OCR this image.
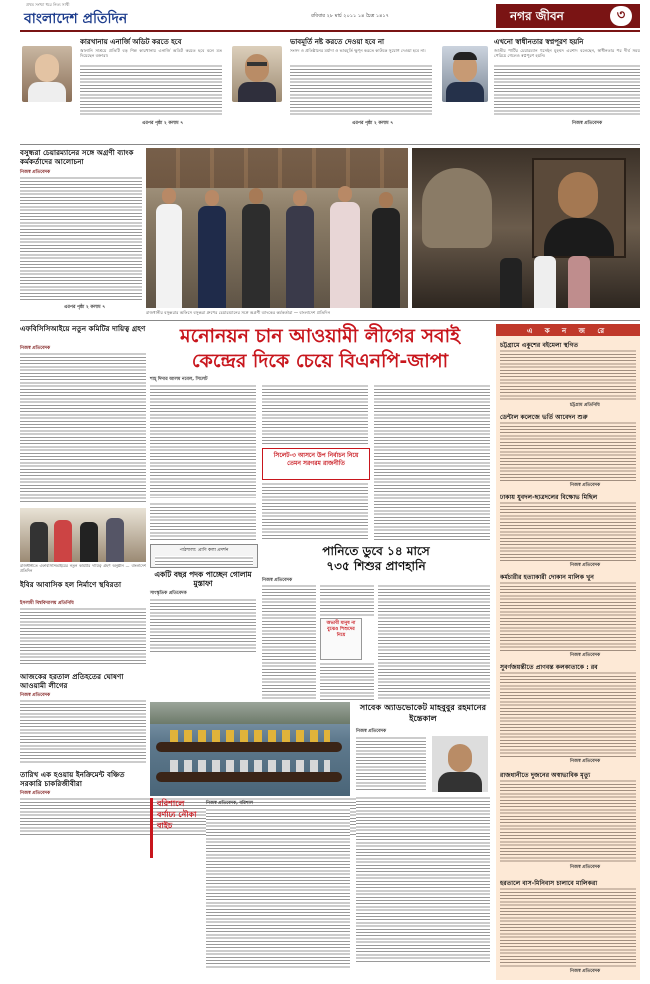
প্রথম সংখ্যা ধরে নিত্য সাথী
বাংলাদেশ প্রতিদিন	রবিবার ২৮ মার্চ ২০১১ ১৪ চৈত্র ১৪১৭	নগর জীবন	৩
কারখানায় এনার্জি অডিট করতে হবে
জ্বালানি সাশ্রয়ে প্রতিটি বড় শিল্প কারখানায় এনার্জি অডিট করতে হবে বলে মত দিয়েছেন বক্তারা।
এরপর পৃষ্ঠা ২ কলাম ৭
ভাবমূর্তি নষ্ট করতে দেওয়া হবে না
সংসদ ও প্রতিষ্ঠানের মর্যাদা ও ভাবমূর্তি ক্ষুণ্ন করতে কাউকে সুযোগ দেওয়া হবে না।
এরপর পৃষ্ঠা ২ কলাম ৭
এখনো স্বাধীনতার স্বপ্নপূরণ হয়নি
জাতীয় পার্টির চেয়ারম্যান হুসেইন মুহম্মদ এরশাদ বলেছেন, স্বাধীনতার পর দীর্ঘ সময় পেরিয়ে গেলেও স্বপ্নপূরণ হয়নি।
নিজস্ব প্রতিবেদক
বসুন্ধরা চেয়ারম্যানের সঙ্গে অগ্রণী ব্যাংক কর্মকর্তাদের আলোচনা
নিজস্ব প্রতিবেদক
এরপর পৃষ্ঠা ২ কলাম ৭
রাজধানীর বসুন্ধরার অফিসে বসুন্ধরা গ্রুপের চেয়ারম্যানের সঙ্গে অগ্রণী ব্যাংকের কর্মকর্তারা — বাংলাদেশ প্রতিদিন
এফবিসিসিআইয়ে নতুন কমিটির দায়িত্ব গ্রহণ
নিজস্ব প্রতিবেদক
রাজধানীতে এফবিসিসিআইয়ের নতুন কমিটির দায়িত্ব গ্রহণ অনুষ্ঠান — বাংলাদেশ প্রতিদিন
মনোনয়ন চান আওয়ামী লীগের সবাই
কেন্দ্রের দিকে চেয়ে বিএনপি-জাপা
শাহ্ দিদার আলম নবেল, সিলেট
সিলেট-৩ আসনে উপ নির্বাচন নিয়ে তেমন সরগরম রাজনীতি
এ ক ন জ রে
চট্টগ্রামে একুশের বইমেলা স্থগিত
চট্টগ্রাম প্রতিনিধি
ডেন্টাল কলেজে ভর্তি আবেদন শুরু
নিজস্ব প্রতিবেদক
ঢাকায় যুবদল-ছাত্রদলের বিক্ষোভ মিছিল
নিজস্ব প্রতিবেদক
কর্মচারীর হত্যাকারী দোকান মালিক খুন
নিজস্ব প্রতিবেদক
সুবর্ণজয়ন্তীতে প্রাণবন্ত কলকাতাকে : রব
নিজস্ব প্রতিবেদক
রাজধানীতে দুজনের অস্বাভাবিক মৃত্যু
নিজস্ব প্রতিবেদক
হরতালে বাস-মিনিবাস চালাবে মালিকরা
নিজস্ব প্রতিবেদক
পাঠশালা: প্রাণি কলা প্রদর্শন
একটি বছর পদক পাচ্ছেন গোলাম মুস্তাফা
সাংস্কৃতিক প্রতিবেদক
পানিতে ডুবে ১৪ মাসে
৭৩৫ শিশুর প্রাণহানি
নিজস্ব প্রতিবেদক
অভাবী মানুষ না বুঝেও শিশুদের নিয়ে
ইবির আবাসিক হল নির্মাণে স্থবিরতা
ইসলামী বিশ্ববিদ্যালয় প্রতিনিধি
আজকের হরতাল প্রতিহতের ঘোষণা আওয়ামী লীগের
নিজস্ব প্রতিবেদক
তারিখ এক হওয়ায় ইনক্রিমেন্ট বঞ্চিত সরকারি চাকরিজীবীরা
নিজস্ব প্রতিবেদক
বরিশালে বর্ণাঢ্য নৌকা বাইচ
নিজস্ব প্রতিবেদক, বরিশাল
সাবেক অ্যাডভোকেট মাহবুবুর রহমানের ইন্তেকাল
নিজস্ব প্রতিবেদক
